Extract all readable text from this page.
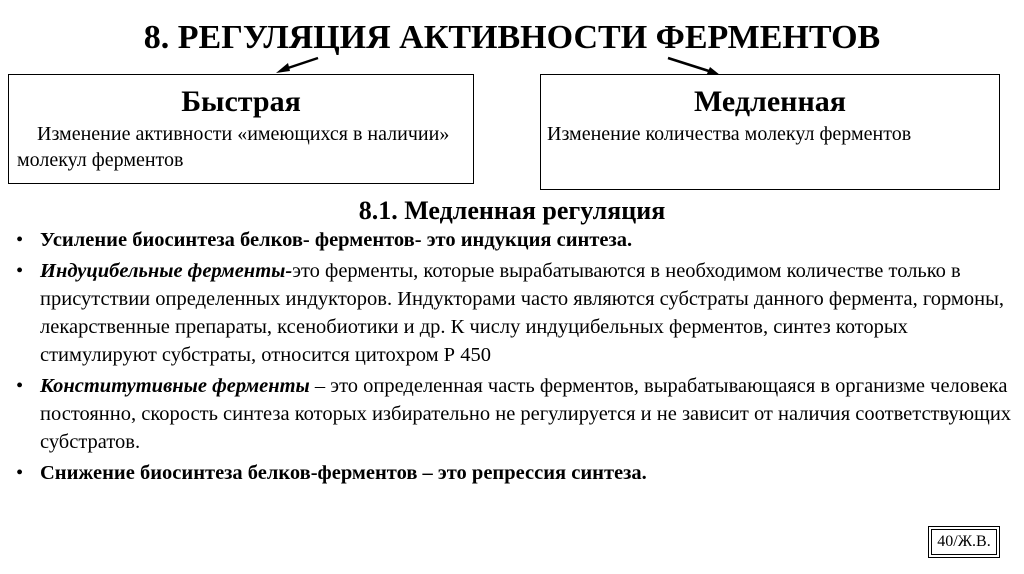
8. РЕГУЛЯЦИЯ АКТИВНОСТИ ФЕРМЕНТОВ
Быстрая
Изменение активности «имеющихся в наличии» молекул ферментов
Медленная
Изменение количества молекул ферментов
8.1. Медленная регуляция
• Усиление биосинтеза белков- ферментов- это индукция синтеза.
• Индуцибельные ферменты-это ферменты, которые вырабатываются в необходимом количестве только в присутствии определенных индукторов. Индукторами часто являются субстраты данного фермента, гормоны, лекарственные препараты, ксенобиотики и др. К числу индуцибельных ферментов, синтез которых стимулируют субстраты, относится цитохром Р 450
• Конститутивные ферменты – это определенная часть ферментов, вырабатывающаяся в организме человека постоянно, скорость синтеза которых избирательно не регулируется и не зависит от наличия соответствующих субстратов.
• Снижение биосинтеза белков-ферментов – это репрессия синтеза.
40/Ж.В.
